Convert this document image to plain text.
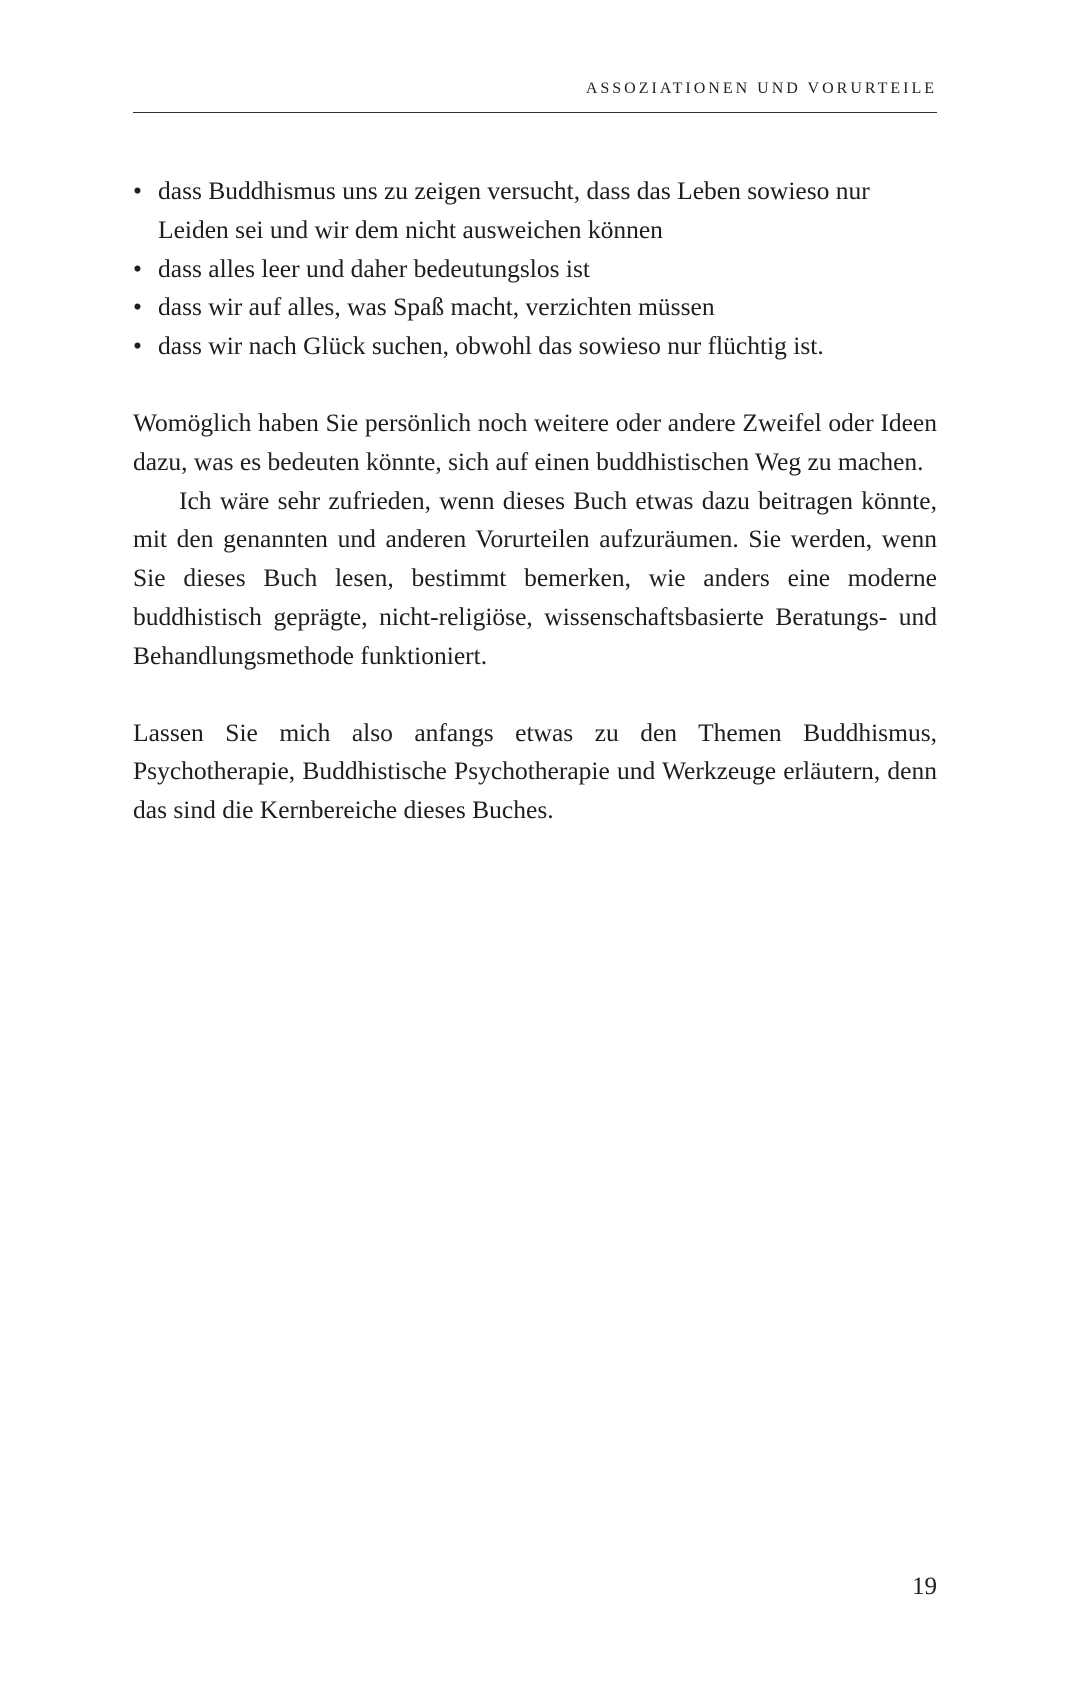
ASSOZIATIONEN UND VORURTEILE
• dass Buddhismus uns zu zeigen versucht, dass das Leben sowieso nur Leiden sei und wir dem nicht ausweichen können
• dass alles leer und daher bedeutungslos ist
• dass wir auf alles, was Spaß macht, verzichten müssen
• dass wir nach Glück suchen, obwohl das sowieso nur flüchtig ist.

Womöglich haben Sie persönlich noch weitere oder andere Zweifel oder Ideen dazu, was es bedeuten könnte, sich auf einen buddhistischen Weg zu machen.

Ich wäre sehr zufrieden, wenn dieses Buch etwas dazu beitragen könnte, mit den genannten und anderen Vorurteilen aufzuräumen. Sie werden, wenn Sie dieses Buch lesen, bestimmt bemerken, wie anders eine moderne buddhistisch geprägte, nicht-religiöse, wissenschaftsbasierte Beratungs- und Behandlungsmethode funktioniert.

Lassen Sie mich also anfangs etwas zu den Themen Buddhismus, Psychotherapie, Buddhistische Psychotherapie und Werkzeuge erläutern, denn das sind die Kernbereiche dieses Buches.

19
